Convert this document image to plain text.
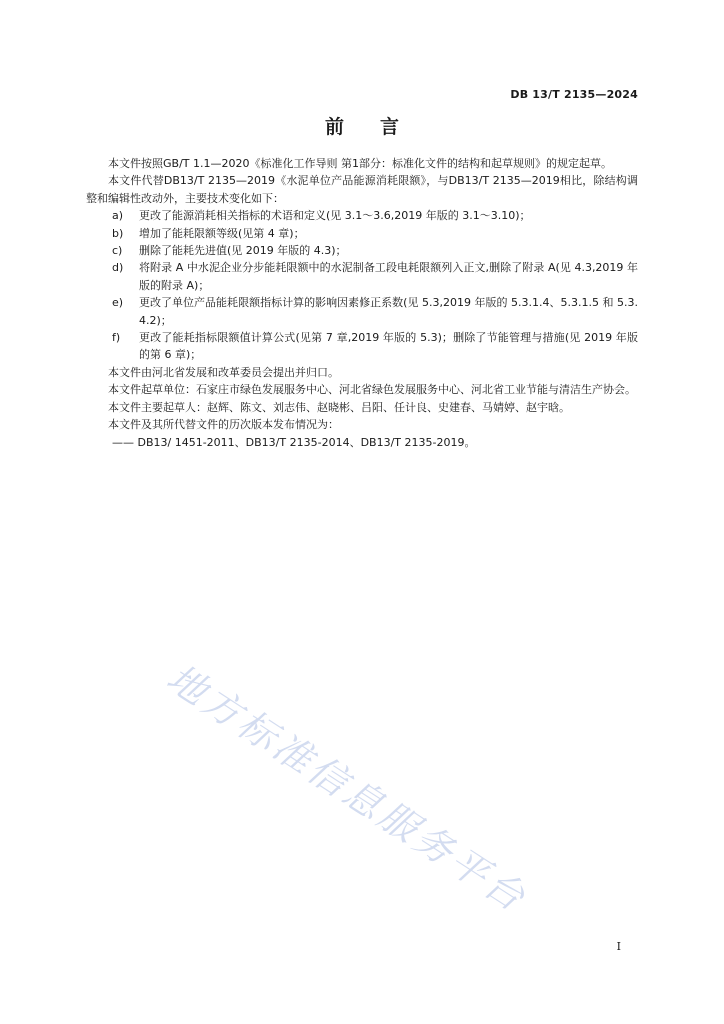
DB 13/T 2135—2024
前 言

本文件按照GB/T 1.1—2020《标准化工作导则 第1部分：标准化文件的结构和起草规则》的规定起草。

本文件代替DB13/T 2135—2019《水泥单位产品能源消耗限额》，与DB13/T 2135—2019相比，除结构调整和编辑性改动外，主要技术变化如下：

a) 更改了能源消耗相关指标的术语和定义(见 3.1～3.6,2019 年版的 3.1～3.10)；

b) 增加了能耗限额等级(见第 4 章)；

c) 删除了能耗先进值(见 2019 年版的 4.3)；

d) 将附录 A 中水泥企业分步能耗限额中的水泥制备工段电耗限额列入正文,删除了附录 A(见 4.3,2019 年版的附录 A)；

e) 更改了单位产品能耗限额指标计算的影响因素修正系数(见 5.3,2019 年版的 5.3.1.4、5.3.1.5 和 5.3.4.2)；

f) 更改了能耗指标限额值计算公式(见第 7 章,2019 年版的 5.3)；删除了节能管理与措施(见 2019 年版的第 6 章)；

本文件由河北省发展和改革委员会提出并归口。

本文件起草单位：石家庄市绿色发展服务中心、河北省绿色发展服务中心、河北省工业节能与清洁生产协会。

本文件主要起草人：赵辉、陈文、刘志伟、赵晓彬、吕阳、任计良、史建春、马婧婷、赵宇晗。

本文件及其所代替文件的历次版本发布情况为：

—— DB13/ 1451-2011、DB13/T 2135-2014、DB13/T 2135-2019。

地方标准信息服务平台
I
